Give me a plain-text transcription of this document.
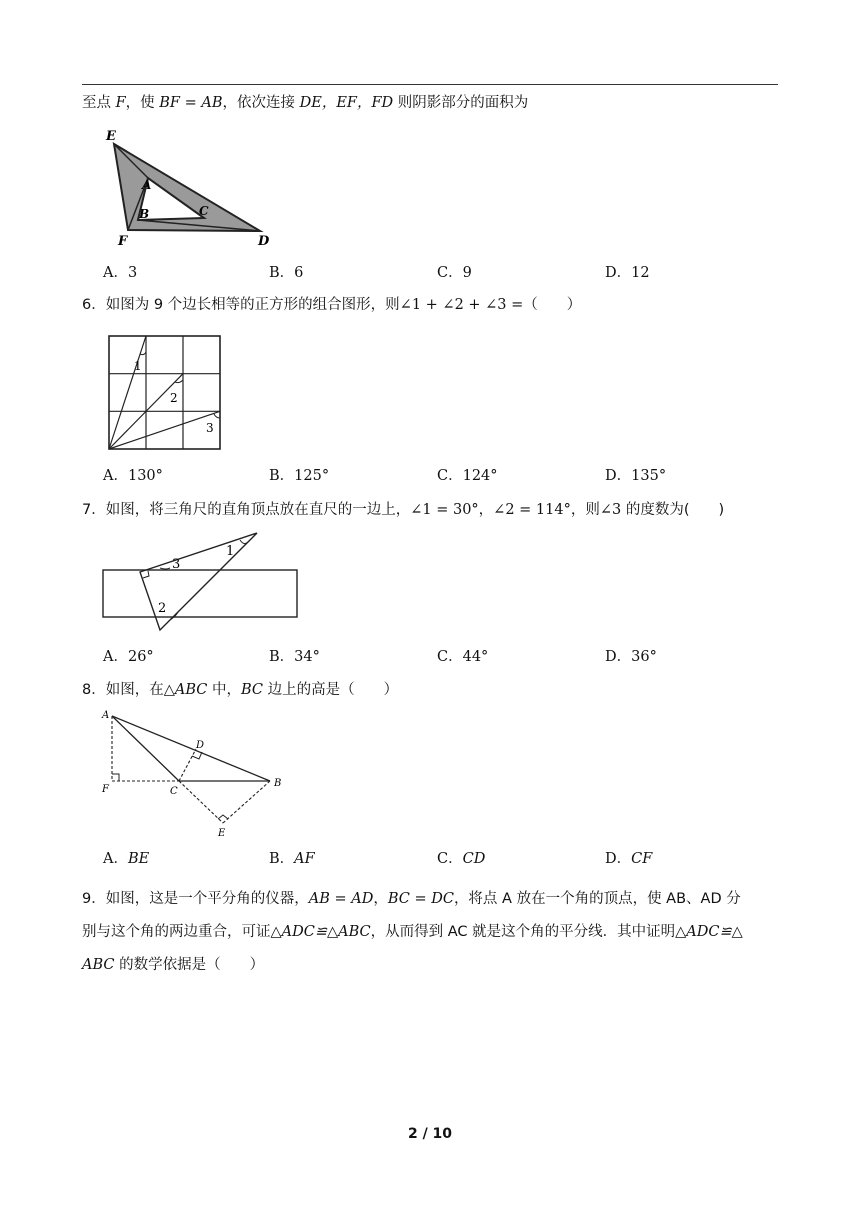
至点 F，使 BF = AB，依次连接 DE，EF，FD 则阴影部分的面积为
E
A
B	C
F	D
A．3	B．6	C．9	D．12
6．如图为 9 个边长相等的正方形的组合图形，则∠1 + ∠2 + ∠3 =（　　）
1
2
3
A．130°	B．125°	C．124°	D．135°
7．如图，将三角尺的直角顶点放在直尺的一边上，∠1 = 30°，∠2 = 114°，则∠3 的度数为(　　)
1
2
3
A．26°	B．34°	C．44°	D．36°
8．如图，在△ABC 中，BC 边上的高是（　　）
A
D
F	C
B
E
A．BE	B．AF	C．CD	D．CF
9．如图，这是一个平分角的仪器，AB = AD，BC = DC，将点 A 放在一个角的顶点，使 AB、AD 分
别与这个角的两边重合，可证△ADC≌△ABC，从而得到 AC 就是这个角的平分线．其中证明△ADC≌△
ABC 的数学依据是（　　）
2 / 10
